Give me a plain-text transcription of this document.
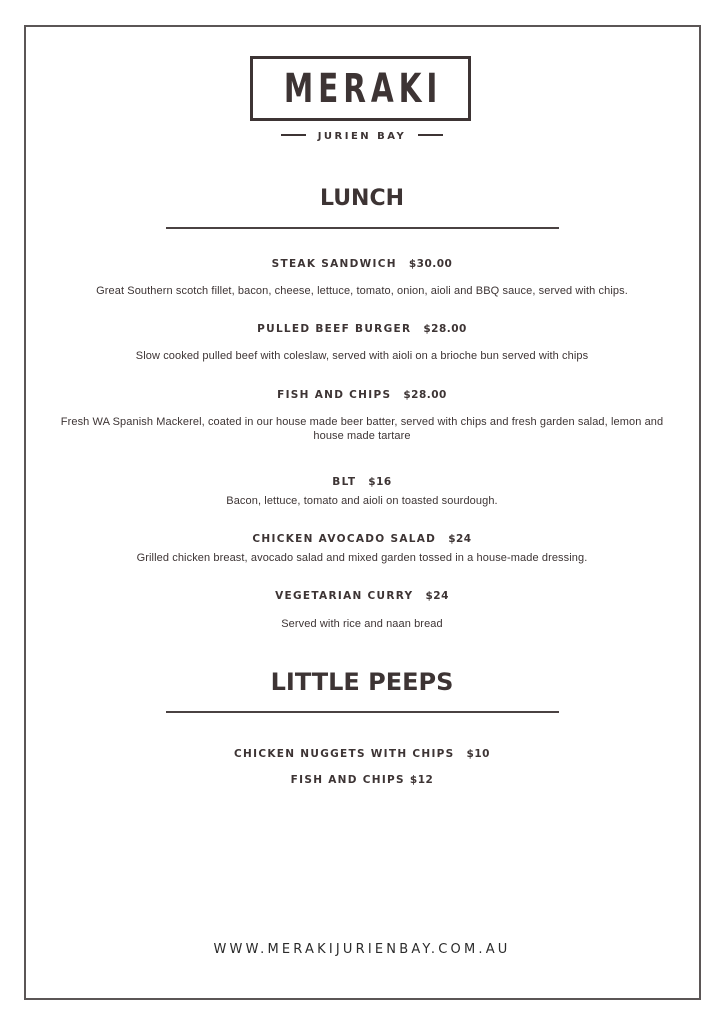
MERAKI
JURIEN BAY
LUNCH
STEAK SANDWICH $30.00
Great Southern scotch fillet, bacon, cheese, lettuce, tomato, onion, aioli and BBQ sauce, served with chips.
PULLED BEEF BURGER $28.00
Slow cooked pulled beef with coleslaw, served with aioli on a brioche bun served with chips
FISH AND CHIPS $28.00
Fresh WA Spanish Mackerel, coated in our house made beer batter, served with chips and fresh garden salad, lemon and house made tartare
BLT $16
Bacon, lettuce, tomato and aioli on toasted sourdough.
CHICKEN AVOCADO SALAD $24
Grilled chicken breast, avocado salad and mixed garden tossed in a house-made dressing.
VEGETARIAN CURRY $24
Served with rice and naan bread
LITTLE PEEPS
CHICKEN NUGGETS WITH CHIPS $10
FISH AND CHIPS $12
WWW.MERAKIJURIENBAY.COM.AU
